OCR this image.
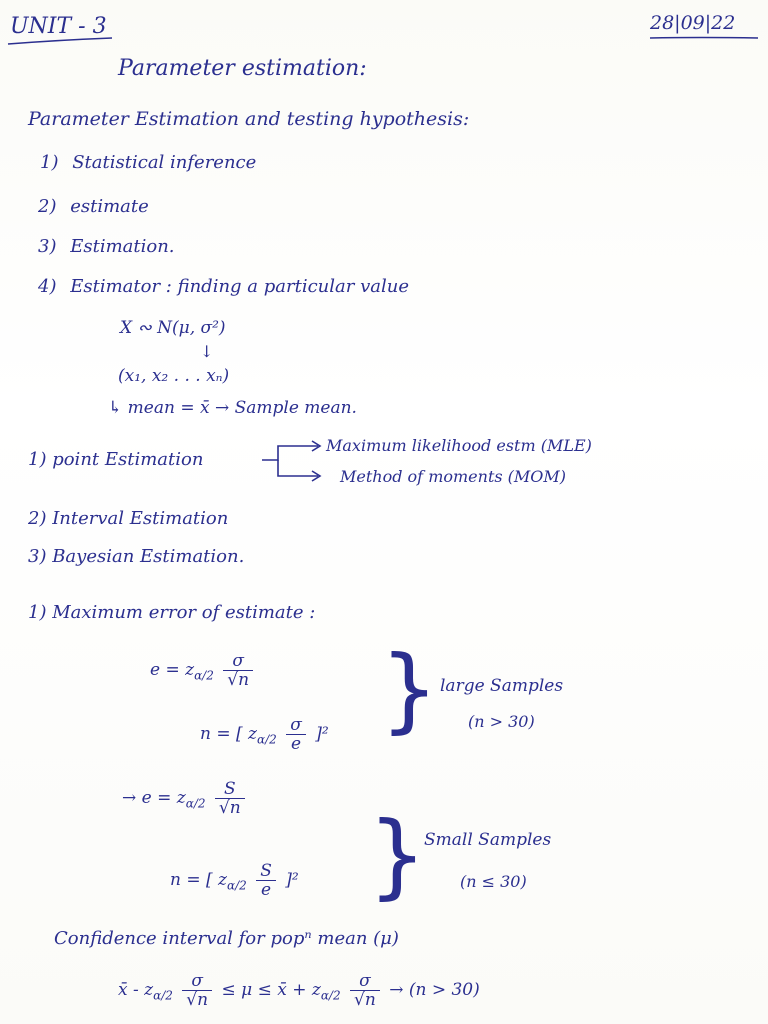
UNIT - 3	28|09|22
Parameter estimation:
Parameter Estimation and testing hypothesis:
1) Statistical inference
2) estimate
3) Estimation.
4) Estimator : finding a particular value
X ∾ N(μ, σ²)
↓
(x₁, x₂ . . . xₙ)
↳ mean = x̄ → Sample mean.
1) point Estimation
Maximum likelihood estm (MLE)
Method of moments (MOM)
2) Interval Estimation
3) Bayesian Estimation.
1) Maximum error of estimate :
$e = z_{\alpha/2} \frac{\sigma}{√n}$
n = [ $z_{\alpha/2} \frac{\sigma}{e} ]^2$ } large Samples
(n > 30)
→ $e = z_{\alpha/2} \frac{S}{√n}$
n = [ $z_{\alpha/2} \frac{S}{e} ]^2$ }
Small Samples
(n ≤ 30)
Confidence interval for popⁿ mean (μ)
x̄ - $z_{\alpha/2} \frac{\sigma}{√n} \le \mu$ ≤ x̄ + $z_{\alpha/2} \frac{\sigma}{√n} \to (n > 30)$
